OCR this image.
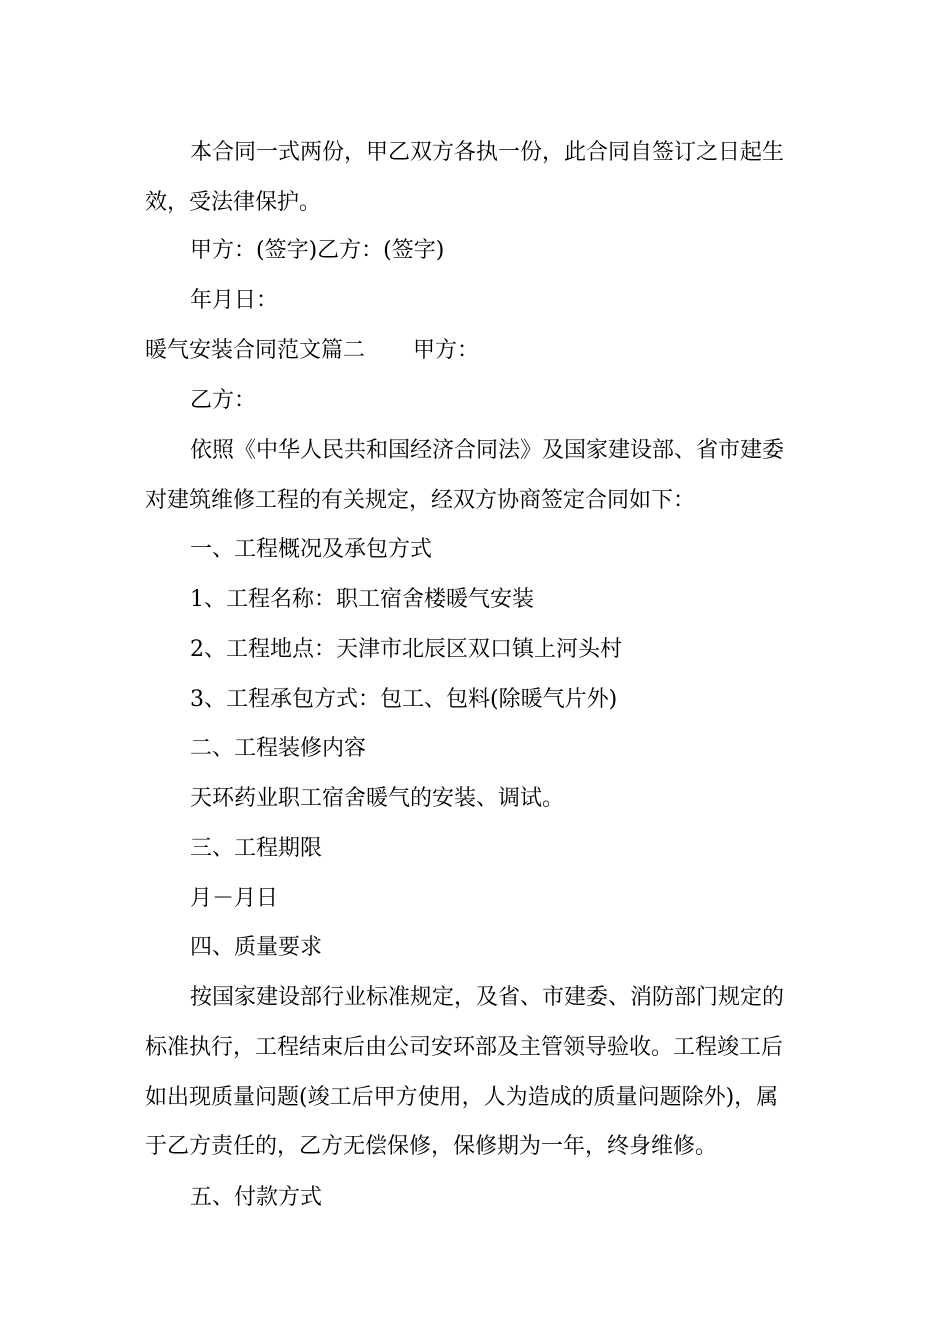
本合同一式两份，甲乙双方各执一份，此合同自签订之日起生
效，受法律保护。
甲方：(签字)乙方：(签字)
年月日：
暖气安装合同范文篇二 甲方：
乙方：
依照《中华人民共和国经济合同法》及国家建设部、省市建委
对建筑维修工程的有关规定，经双方协商签定合同如下：
一、工程概况及承包方式
1、工程名称：职工宿舍楼暖气安装
2、工程地点：天津市北辰区双口镇上河头村
3、工程承包方式：包工、包料(除暖气片外)
二、工程装修内容
天环药业职工宿舍暖气的安装、调试。
三、工程期限
月－月日
四、质量要求
按国家建设部行业标准规定，及省、市建委、消防部门规定的
标准执行，工程结束后由公司安环部及主管领导验收。工程竣工后
如出现质量问题(竣工后甲方使用，人为造成的质量问题除外)，属
于乙方责任的，乙方无偿保修，保修期为一年，终身维修。
五、付款方式
